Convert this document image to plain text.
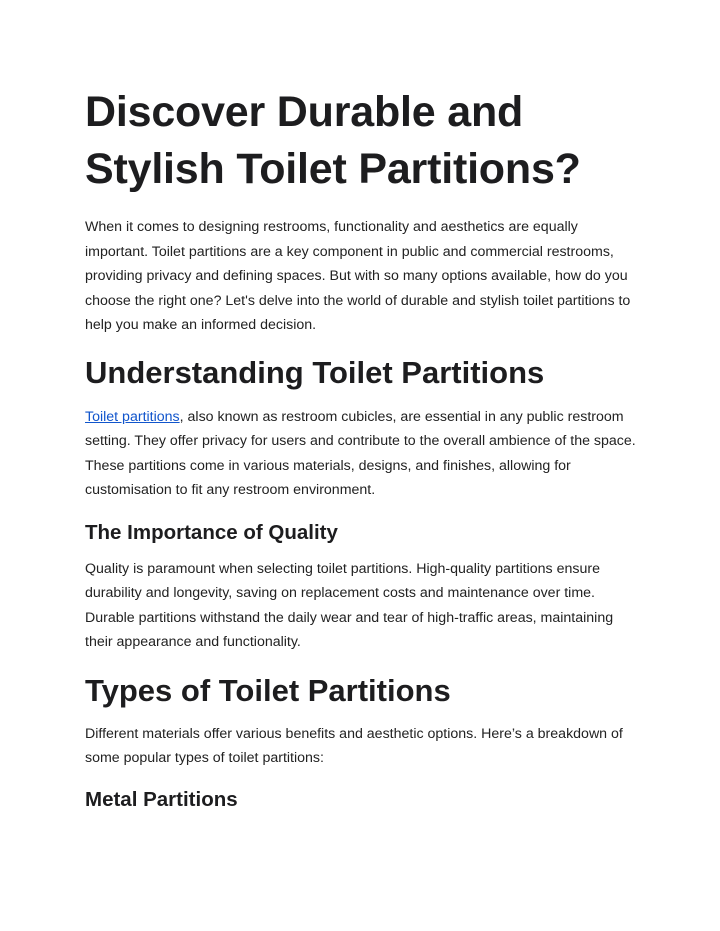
Discover Durable and Stylish Toilet Partitions?

When it comes to designing restrooms, functionality and aesthetics are equally important. Toilet partitions are a key component in public and commercial restrooms, providing privacy and defining spaces. But with so many options available, how do you choose the right one? Let's delve into the world of durable and stylish toilet partitions to help you make an informed decision.

Understanding Toilet Partitions

Toilet partitions, also known as restroom cubicles, are essential in any public restroom setting. They offer privacy for users and contribute to the overall ambience of the space. These partitions come in various materials, designs, and finishes, allowing for customisation to fit any restroom environment.

The Importance of Quality

Quality is paramount when selecting toilet partitions. High-quality partitions ensure durability and longevity, saving on replacement costs and maintenance over time. Durable partitions withstand the daily wear and tear of high-traffic areas, maintaining their appearance and functionality.

Types of Toilet Partitions

Different materials offer various benefits and aesthetic options. Here’s a breakdown of some popular types of toilet partitions:

Metal Partitions
